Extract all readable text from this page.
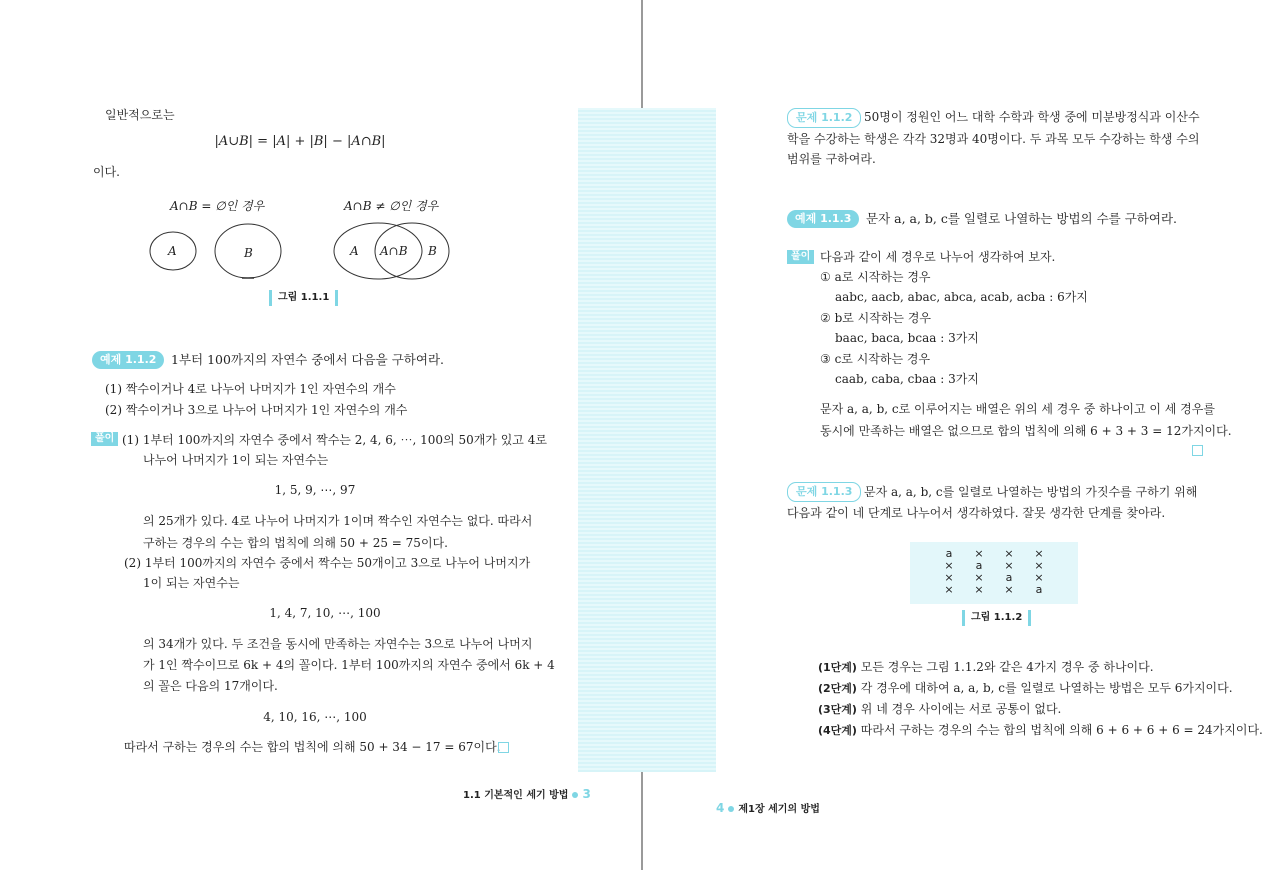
일반적으로는
|A∪B| = |A| + |B| − |A∩B|
이다.
A∩B = ∅인 경우	A∩B ≠ ∅인 경우
A	B	A A∩B B
그림 1.1.1
예제 1.1.2	1부터 100까지의 자연수 중에서 다음을 구하여라.
(1) 짝수이거나 4로 나누어 나머지가 1인 자연수의 개수
(2) 짝수이거나 3으로 나누어 나머지가 1인 자연수의 개수
풀이 (1) 1부터 100까지의 자연수 중에서 짝수는 2, 4, 6, ⋯, 100의 50개가 있고 4로
나누어 나머지가 1이 되는 자연수는
1, 5, 9, ⋯, 97
의 25개가 있다. 4로 나누어 나머지가 1이며 짝수인 자연수는 없다. 따라서
구하는 경우의 수는 합의 법칙에 의해 50 + 25 = 75이다.
(2) 1부터 100까지의 자연수 중에서 짝수는 50개이고 3으로 나누어 나머지가
1이 되는 자연수는
1, 4, 7, 10, ⋯, 100
의 34개가 있다. 두 조건을 동시에 만족하는 자연수는 3으로 나누어 나머지
가 1인 짝수이므로 6k + 4의 꼴이다. 1부터 100까지의 자연수 중에서 6k + 4
의 꼴은 다음의 17개이다.
4, 10, 16, ⋯, 100
따라서 구하는 경우의 수는 합의 법칙에 의해 50 + 34 − 17 = 67이다.
1.1 기본적인 세기 방법 3
문제 1.1.2 50명이 정원인 어느 대학 수학과 학생 중에 미분방정식과 이산수
학을 수강하는 학생은 각각 32명과 40명이다. 두 과목 모두 수강하는 학생 수의
범위를 구하여라.
예제 1.1.3	문자 a, a, b, c를 일렬로 나열하는 방법의 수를 구하여라.
풀이 다음과 같이 세 경우로 나누어 생각하여 보자.
① a로 시작하는 경우
aabc, aacb, abac, abca, acab, acba : 6가지
② b로 시작하는 경우
baac, baca, bcaa : 3가지
③ c로 시작하는 경우
caab, caba, cbaa : 3가지
문자 a, a, b, c로 이루어지는 배열은 위의 세 경우 중 하나이고 이 세 경우를
동시에 만족하는 배열은 없으므로 합의 법칙에 의해 6 + 3 + 3 = 12가지이다.
문제 1.1.3 문자 a, a, b, c를 일렬로 나열하는 방법의 가짓수를 구하기 위해
다음과 같이 네 단계로 나누어서 생각하였다. 잘못 생각한 단계를 찾아라.
a	×	×	×
×	a	×	×
×	×	a	×
×	×	×	a
그림 1.1.2
(1단계) 모든 경우는 그림 1.1.2와 같은 4가지 경우 중 하나이다.
(2단계) 각 경우에 대하여 a, a, b, c를 일렬로 나열하는 방법은 모두 6가지이다.
(3단계) 위 네 경우 사이에는 서로 공통이 없다.
(4단계) 따라서 구하는 경우의 수는 합의 법칙에 의해 6 + 6 + 6 + 6 = 24가지이다.
4 제1장 세기의 방법
